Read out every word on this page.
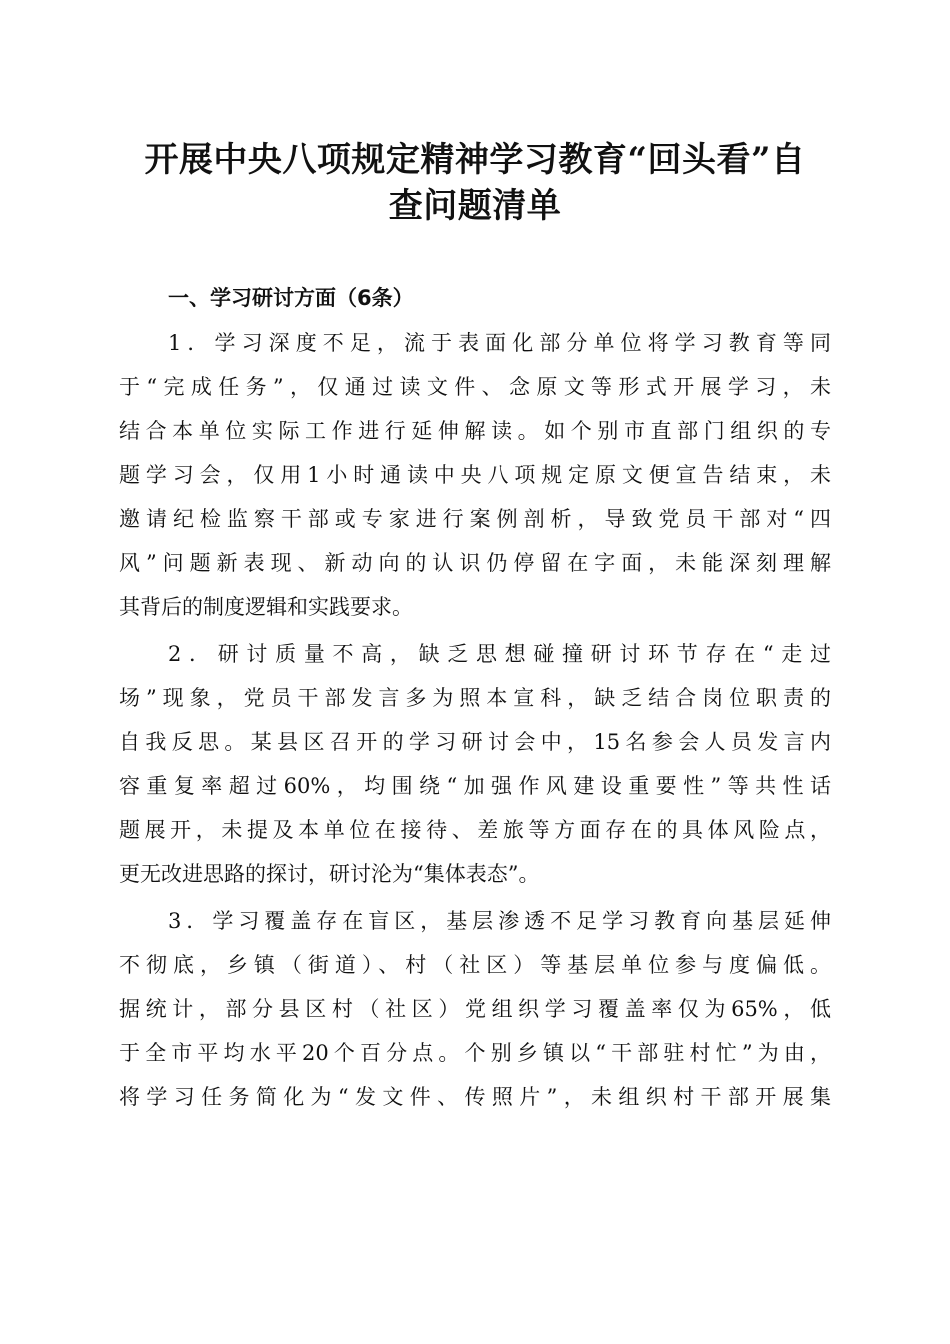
开展中央八项规定精神学习教育“回头看”自
查问题清单
一、学习研讨方面（6条）

1．学习深度不足，流于表面化部分单位将学习教育等同

于“完成任务”，仅通过读文件、念原文等形式开展学习，未

结合本单位实际工作进行延伸解读。如个别市直部门组织的专

题学习会，仅用1小时通读中央八项规定原文便宣告结束，未

邀请纪检监察干部或专家进行案例剖析，导致党员干部对“四

风”问题新表现、新动向的认识仍停留在字面，未能深刻理解

其背后的制度逻辑和实践要求。

2．研讨质量不高，缺乏思想碰撞研讨环节存在“走过

场”现象，党员干部发言多为照本宣科，缺乏结合岗位职责的

自我反思。某县区召开的学习研讨会中，15名参会人员发言内

容重复率超过60%，均围绕“加强作风建设重要性”等共性话

题展开，未提及本单位在接待、差旅等方面存在的具体风险点，

更无改进思路的探讨，研讨沦为“集体表态”。

3．学习覆盖存在盲区，基层渗透不足学习教育向基层延伸

不彻底，乡镇（街道）、村（社区）等基层单位参与度偏低。

据统计，部分县区村（社区）党组织学习覆盖率仅为65%，低

于全市平均水平20个百分点。个别乡镇以“干部驻村忙”为由，

将学习任务简化为“发文件、传照片”，未组织村干部开展集
